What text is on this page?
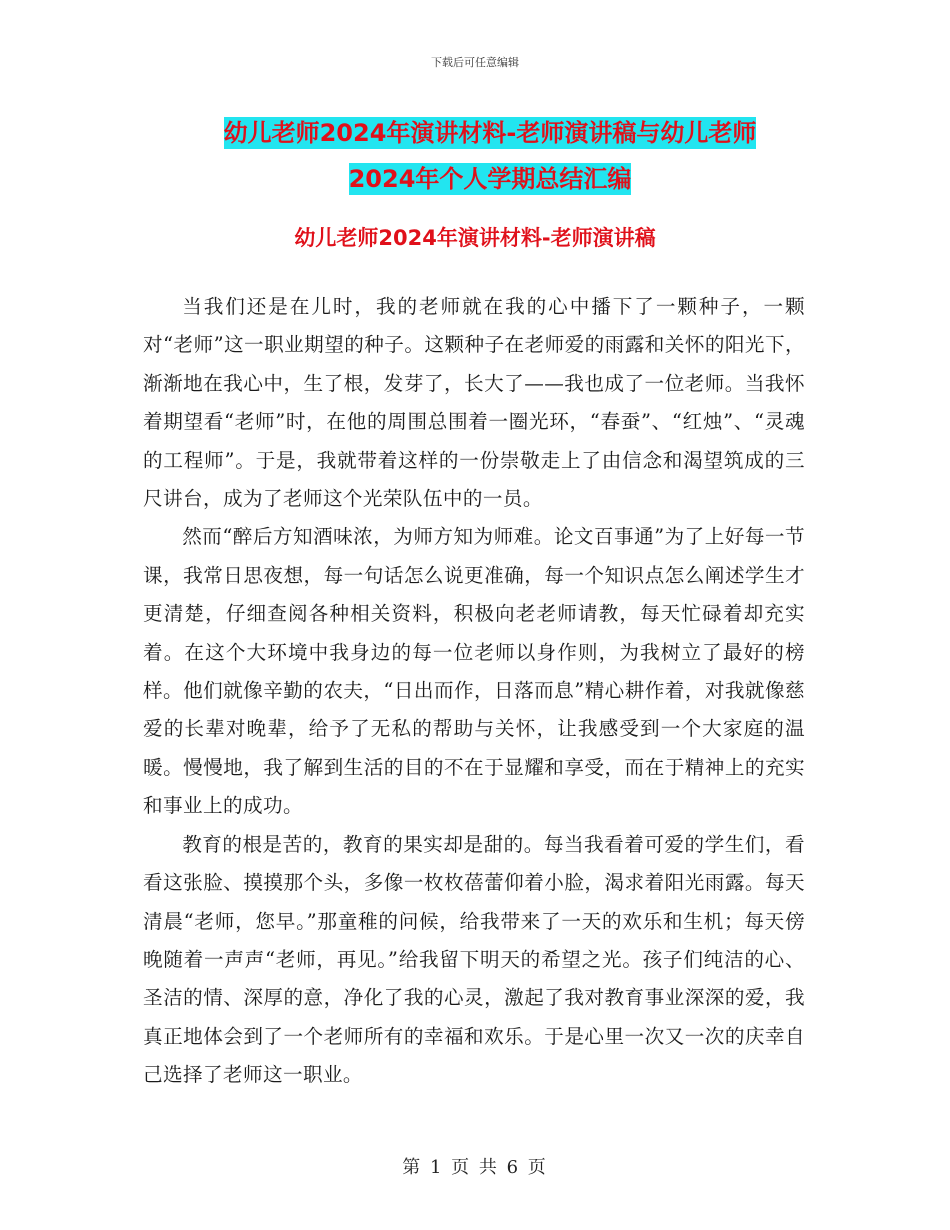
下载后可任意编辑
幼儿老师2024年演讲材料-老师演讲稿与幼儿老师
2024年个人学期总结汇编
幼儿老师2024年演讲材料-老师演讲稿

当我们还是在儿时，我的老师就在我的心中播下了一颗种子，一颗对“老师”这一职业期望的种子。这颗种子在老师爱的雨露和关怀的阳光下，渐渐地在我心中，生了根，发芽了，长大了——我也成了一位老师。当我怀着期望看“老师”时，在他的周围总围着一圈光环，“春蚕”、“红烛”、“灵魂的工程师”。于是，我就带着这样的一份崇敬走上了由信念和渴望筑成的三尺讲台，成为了老师这个光荣队伍中的一员。

然而“醉后方知酒味浓，为师方知为师难。论文百事通”为了上好每一节课，我常日思夜想，每一句话怎么说更准确，每一个知识点怎么阐述学生才更清楚，仔细查阅各种相关资料，积极向老老师请教，每天忙碌着却充实着。在这个大环境中我身边的每一位老师以身作则，为我树立了最好的榜样。他们就像辛勤的农夫，“日出而作，日落而息”精心耕作着，对我就像慈爱的长辈对晚辈，给予了无私的帮助与关怀，让我感受到一个大家庭的温暖。慢慢地，我了解到生活的目的不在于显耀和享受，而在于精神上的充实和事业上的成功。

教育的根是苦的，教育的果实却是甜的。每当我看着可爱的学生们，看看这张脸、摸摸那个头，多像一枚枚蓓蕾仰着小脸，渴求着阳光雨露。每天清晨“老师，您早。”那童稚的问候，给我带来了一天的欢乐和生机；每天傍晚随着一声声“老师，再见。”给我留下明天的希望之光。孩子们纯洁的心、圣洁的情、深厚的意，净化了我的心灵，激起了我对教育事业深深的爱，我真正地体会到了一个老师所有的幸福和欢乐。于是心里一次又一次的庆幸自己选择了老师这一职业。

第 1 页 共 6 页
